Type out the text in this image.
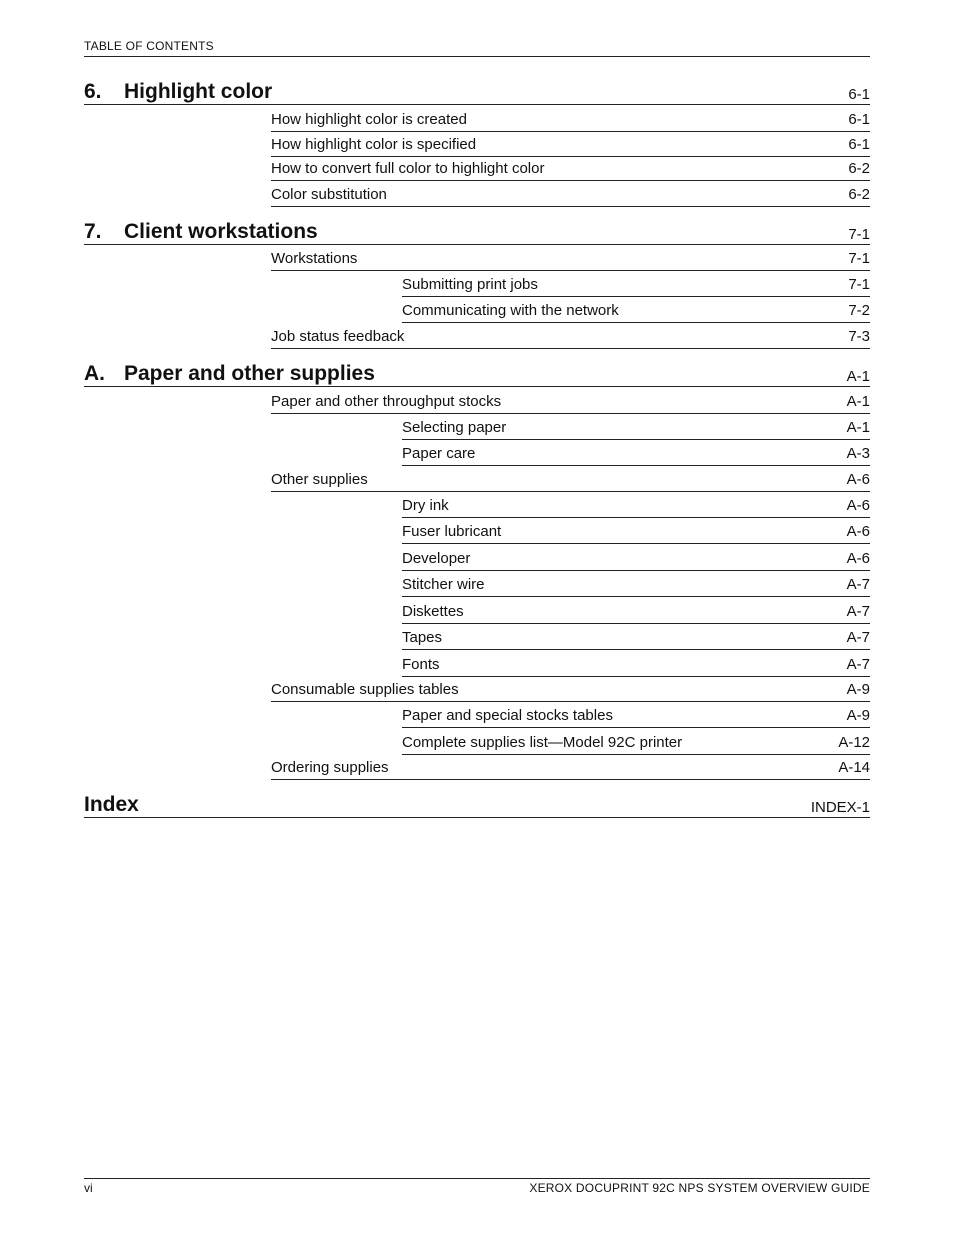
TABLE OF CONTENTS
6.	Highlight color	6-1
How highlight color is created	6-1
How highlight color is specified	6-1
How to convert full color to highlight color	6-2
Color substitution	6-2
7.	Client workstations	7-1
Workstations	7-1
Submitting print jobs	7-1
Communicating with the network	7-2
Job status feedback	7-3
A. Paper and other supplies	A-1
Paper and other throughput stocks	A-1
Selecting paper	A-1
Paper care	A-3
Other supplies	A-6
Dry ink	A-6
Fuser lubricant	A-6
Developer	A-6
Stitcher wire	A-7
Diskettes	A-7
Tapes	A-7
Fonts	A-7
Consumable supplies tables	A-9
Paper and special stocks tables	A-9
Complete supplies list—Model 92C printer	A-12
Ordering supplies	A-14
Index	INDEX-1
vi	XEROX DOCUPRINT 92C NPS SYSTEM OVERVIEW GUIDE
